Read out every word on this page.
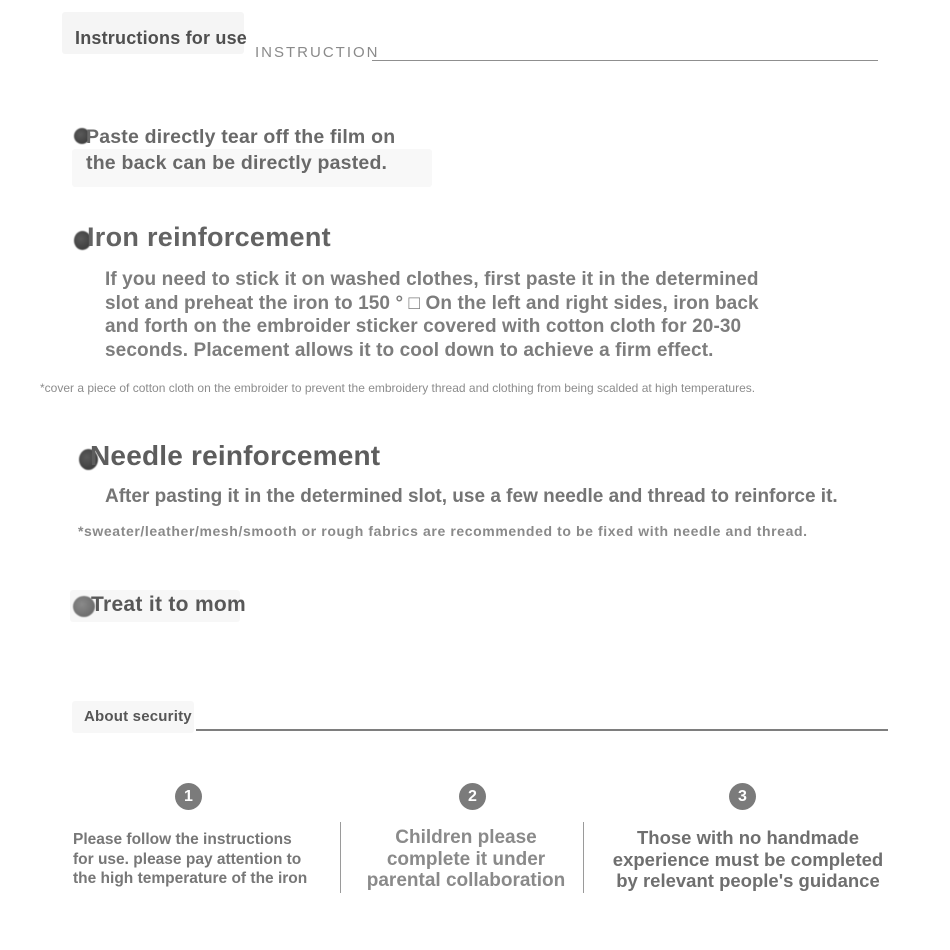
Instructions for use
INSTRUCTION
Paste directly tear off the film on
the back can be directly pasted.
Iron reinforcement
If you need to stick it on washed clothes, first paste it in the determined
slot and preheat the iron to 150 ° □ On the left and right sides, iron back
and forth on the embroider sticker covered with cotton cloth for 20-30
seconds. Placement allows it to cool down to achieve a firm effect.
*cover a piece of cotton cloth on the embroider to prevent the embroidery thread and clothing from being scalded at high temperatures.
Needle reinforcement
After pasting it in the determined slot, use a few needle and thread to reinforce it.
*sweater/leather/mesh/smooth or rough fabrics are recommended to be fixed with needle and thread.
Treat it to mom
About security
1	2	3
Please follow the instructions
for use. please pay attention to
the high temperature of the iron
Children please
complete it under
parental collaboration
Those with no handmade
experience must be completed
by relevant people's guidance
